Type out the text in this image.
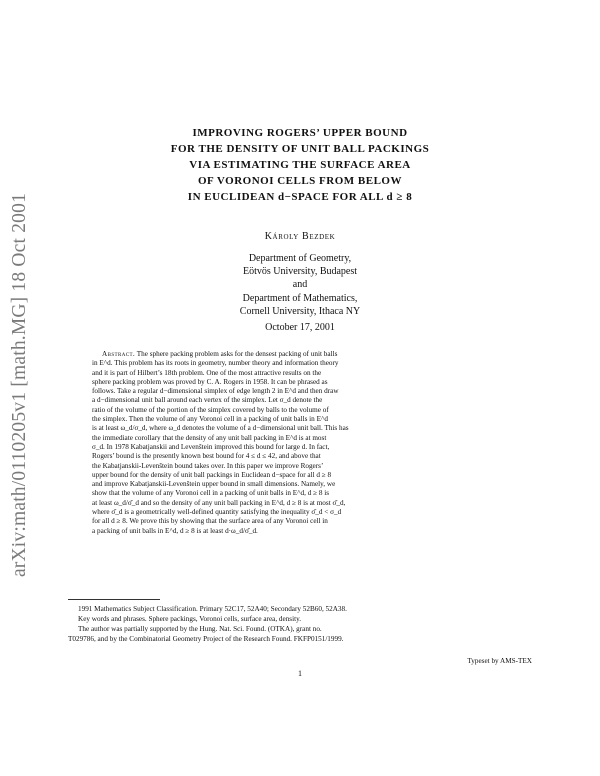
arXiv:math/0110205v1 [math.MG] 18 Oct 2001
IMPROVING ROGERS’ UPPER BOUND
FOR THE DENSITY OF UNIT BALL PACKINGS
VIA ESTIMATING THE SURFACE AREA
OF VORONOI CELLS FROM BELOW
IN EUCLIDEAN d−SPACE FOR ALL d ≥ 8
Károly Bezdek
Department of Geometry,
Eötvös University, Budapest
and
Department of Mathematics,
Cornell University, Ithaca NY
October 17, 2001
Abstract. The sphere packing problem asks for the densest packing of unit balls
in E^d. This problem has its roots in geometry, number theory and information theory
and it is part of Hilbert’s 18th problem. One of the most attractive results on the
sphere packing problem was proved by C. A. Rogers in 1958. It can be phrased as
follows. Take a regular d−dimensional simplex of edge length 2 in E^d and then draw
a d−dimensional unit ball around each vertex of the simplex. Let σ_d denote the
ratio of the volume of the portion of the simplex covered by balls to the volume of
the simplex. Then the volume of any Voronoi cell in a packing of unit balls in E^d
is at least ω_d/σ_d, where ω_d denotes the volume of a d−dimensional unit ball. This has
the immediate corollary that the density of any unit ball packing in E^d is at most
σ_d. In 1978 Kabatjanskii and Levenštein improved this bound for large d. In fact,
Rogers’ bound is the presently known best bound for 4 ≤ d ≤ 42, and above that
the Kabatjanskii-Levenštein bound takes over. In this paper we improve Rogers’
upper bound for the density of unit ball packings in Euclidean d−space for all d ≥ 8
and improve Kabatjanskii-Levenštein upper bound in small dimensions. Namely, we
show that the volume of any Voronoi cell in a packing of unit balls in E^d, d ≥ 8 is
at least ω_d/σ̂_d and so the density of any unit ball packing in E^d, d ≥ 8 is at most σ̂_d,
where σ̂_d is a geometrically well-defined quantity satisfying the inequality σ̂_d < σ_d
for all d ≥ 8. We prove this by showing that the surface area of any Voronoi cell in
a packing of unit balls in E^d, d ≥ 8 is at least d·ω_d/σ̂_d.
1991 Mathematics Subject Classification. Primary 52C17, 52A40; Secondary 52B60, 52A38.
Key words and phrases. Sphere packings, Voronoi cells, surface area, density.
The author was partially supported by the Hung. Nat. Sci. Found. (OTKA), grant no.
T029786, and by the Combinatorial Geometry Project of the Research Found. FKFP0151/1999.
Typeset by AMS-TEX
1
